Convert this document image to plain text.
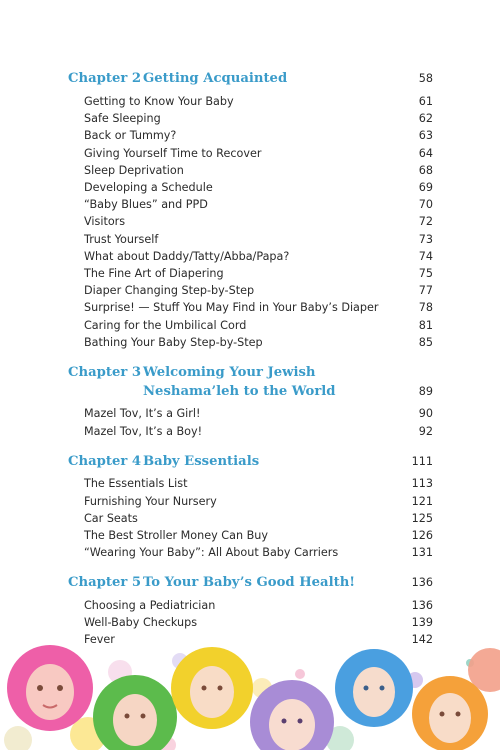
Chapter 2 Getting Acquainted	58
Getting to Know Your Baby	61
Safe Sleeping	62
Back or Tummy?	63
Giving Yourself Time to Recover	64
Sleep Deprivation	68
Developing a Schedule	69
“Baby Blues” and PPD	70
Visitors	72
Trust Yourself	73
What about Daddy/Tatty/Abba/Papa?	74
The Fine Art of Diapering	75
Diaper Changing Step-by-Step	77
Surprise! — Stuff You May Find in Your Baby’s Diaper	78
Caring for the Umbilical Cord	81
Bathing Your Baby Step-by-Step	85
Chapter 3 Welcoming Your Jewish Neshama’leh to the World	89
Mazel Tov, It’s a Girl!	90
Mazel Tov, It’s a Boy!	92
Chapter 4 Baby Essentials	111
The Essentials List	113
Furnishing Your Nursery	121
Car Seats	125
The Best Stroller Money Can Buy	126
“Wearing Your Baby”: All About Baby Carriers	131
Chapter 5 To Your Baby’s Good Health!	136
Choosing a Pediatrician	136
Well-Baby Checkups	139
Fever	142
